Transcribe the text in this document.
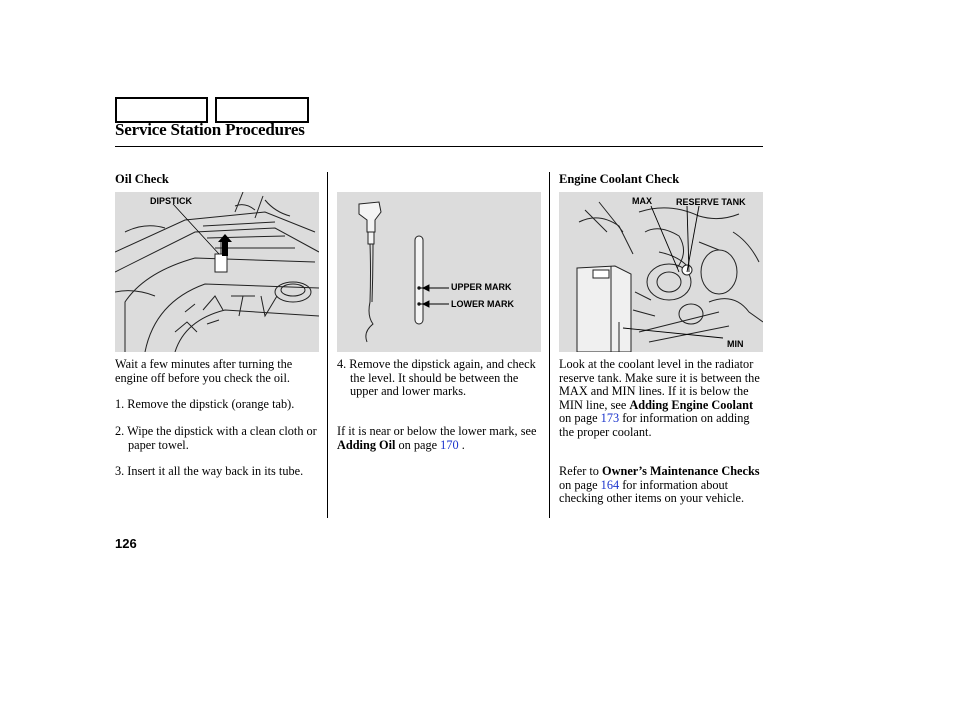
Service Station Procedures
Oil Check
DIPSTICK
Wait a few minutes after turning the engine off before you check the oil.
1. Remove the dipstick (orange tab).
2. Wipe the dipstick with a clean cloth or paper towel.
3. Insert it all the way back in its tube.
UPPER MARK
LOWER MARK
4. Remove the dipstick again, and check the level. It should be between the upper and lower marks.
If it is near or below the lower mark, see Adding Oil on page 170 .
Engine Coolant Check
MAX	RESERVE TANK
MIN
Look at the coolant level in the radiator reserve tank. Make sure it is between the MAX and MIN lines. If it is below the MIN line, see Adding Engine Coolant on page 173 for information on adding the proper coolant.
Refer to Owner’s Maintenance Checks on page 164 for information about checking other items on your vehicle.
126
